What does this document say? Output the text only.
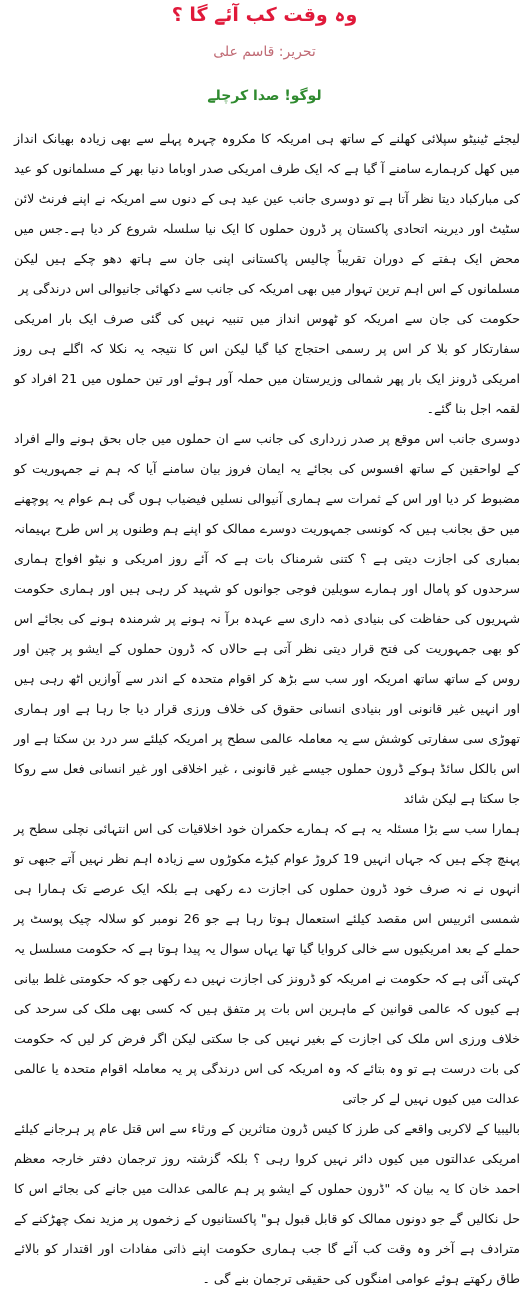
وہ وقت کب آئے گا ؟
تحریر: قاسم علی
لوگو! صدا کرچلے

لیجئے ٹینیٹو سپلائی کھلنے کے ساتھ ہی امریکہ کا مکروہ چہرہ پہلے سے بھی زیادہ بھیانک انداز میں کھل کرہمارے سامنے آ گیا ہے کہ ایک طرف امریکی صدر اوباما دنیا بھر کے مسلمانوں کو عید کی مبارکباد دیتا نظر آتا ہے تو دوسری جانب عین عید ہی کے دنوں سے امریکہ نے اپنے فرنٹ لائن سٹیٹ اور دیرینہ اتحادی پاکستان پر ڈرون حملوں کا ایک نیا سلسلہ شروع کر دیا ہے۔جس میں محض ایک ہفتے کے دوران تقریباً چالیس پاکستانی اپنی جان سے ہاتھ دھو چکے ہیں لیکن مسلمانوں کے اس اہم ترین تہوار میں بھی امریکہ کی جانب سے دکھائی جانیوالی اس درندگی پر

حکومت کی جان سے امریکہ کو ٹھوس انداز میں تنبیہ نہیں کی گئی صرف ایک بار امریکی سفارتکار کو بلا کر اس پر رسمی احتجاج کیا گیا لیکن اس کا نتیجہ یہ نکلا کہ اگلے ہی روز امریکی ڈرونز ایک بار پھر شمالی وزیرستان میں حملہ آور ہوئے اور تین حملوں میں 21 افراد کو لقمہ اجل بنا گئے۔

دوسری جانب اس موقع پر صدر زرداری کی جانب سے ان حملوں میں جاں بحق ہونے والے افراد کے لواحقین کے ساتھ افسوس کی بجائے یہ ایمان فروز بیان سامنے آیا کہ ہم نے جمہوریت کو مضبوط کر دیا اور اس کے ثمرات سے ہماری آنیوالی نسلیں فیضیاب ہوں گی ہم عوام یہ پوچھنے میں حق بجانب ہیں کہ کونسی جمہوریت دوسرے ممالک کو اپنے ہم وطنوں پر اس طرح بہیمانہ بمباری کی اجازت دیتی ہے ؟ کتنی شرمناک بات ہے کہ آئے روز امریکی و نیٹو افواج ہماری سرحدوں کو پامال اور ہمارے سویلین فوجی جوانوں کو شہید کر رہی ہیں اور ہماری حکومت شہریوں کی حفاظت کی بنیادی ذمہ داری سے عہدہ برآ نہ ہونے پر شرمندہ ہونے کی بجائے اس کو بھی جمہوریت کی فتح قرار دیتی نظر آتی ہے حالاں کہ ڈرون حملوں کے ایشو پر چین اور روس کے ساتھ ساتھ امریکہ اور سب سے بڑھ کر اقوام متحدہ کے اندر سے آوازیں اٹھ رہی ہیں اور انہیں غیر قانونی اور بنیادی انسانی حقوق کی خلاف ورزی قرار دیا جا رہا ہے اور ہماری تھوڑی سی سفارتی کوشش سے یہ معاملہ عالمی سطح پر امریکہ کیلئے سر درد بن سکتا ہے اور اس بالکل سائڈ ہوکے ڈرون حملوں جیسے غیر قانونی ، غیر اخلاقی اور غیر انسانی فعل سے روکا جا سکتا ہے لیکن شائد

ہمارا سب سے بڑا مسئلہ یہ ہے کہ ہمارے حکمران خود اخلاقیات کی اس انتہائی نچلی سطح پر پہنچ چکے ہیں کہ جہاں انہیں 19 کروڑ عوام کیڑے مکوڑوں سے زیادہ اہم نظر نہیں آتے جبھی تو انہوں نے نہ صرف خود ڈرون حملوں کی اجازت دے رکھی ہے بلکہ ایک عرصے تک ہمارا ہی شمسی ائربیس اس مقصد کیلئے استعمال ہوتا رہا ہے جو 26 نومبر کو سلالہ چیک پوسٹ پر حملے کے بعد امریکیوں سے خالی کروایا گیا تھا یہاں سوال یہ پیدا ہوتا ہے کہ حکومت مسلسل یہ کہتی آئی ہے کہ حکومت نے امریکہ کو ڈرونز کی اجازت نہیں دے رکھی جو کہ حکومتی غلط بیانی ہے کیوں کہ عالمی قوانین کے ماہرین اس بات پر متفق ہیں کہ کسی بھی ملک کی سرحد کی خلاف ورزی اس ملک کی اجازت کے بغیر نہیں کی جا سکتی لیکن اگر فرض کر لیں کہ حکومت کی بات درست ہے تو وہ بتائے کہ وہ امریکہ کی اس درندگی پر یہ معاملہ اقوام متحدہ یا عالمی عدالت میں کیوں نہیں لے کر جاتی

بالیبیا کے لاکربی واقعے کی طرز کا کیس ڈرون متاثرین کے ورثاء سے اس قتل عام پر ہرجانے کیلئے امریکی عدالتوں میں کیوں دائر نہیں کروا رہی ؟ بلکہ گزشتہ روز ترجمان دفتر خارجہ معظم احمد خان کا یہ بیان کہ "ڈرون حملوں کے ایشو پر ہم عالمی عدالت میں جانے کی بجائے اس کا حل نکالیں گے جو دونوں ممالک کو قابل قبول ہو" پاکستانیوں کے زخموں پر مزید نمک چھڑکنے کے مترادف ہے آخر وہ وقت کب آئے گا جب ہماری حکومت اپنے ذاتی مفادات اور اقتدار کو بالائے طاق رکھتے ہوئے عوامی امنگوں کی حقیقی ترجمان بنے گی ۔
